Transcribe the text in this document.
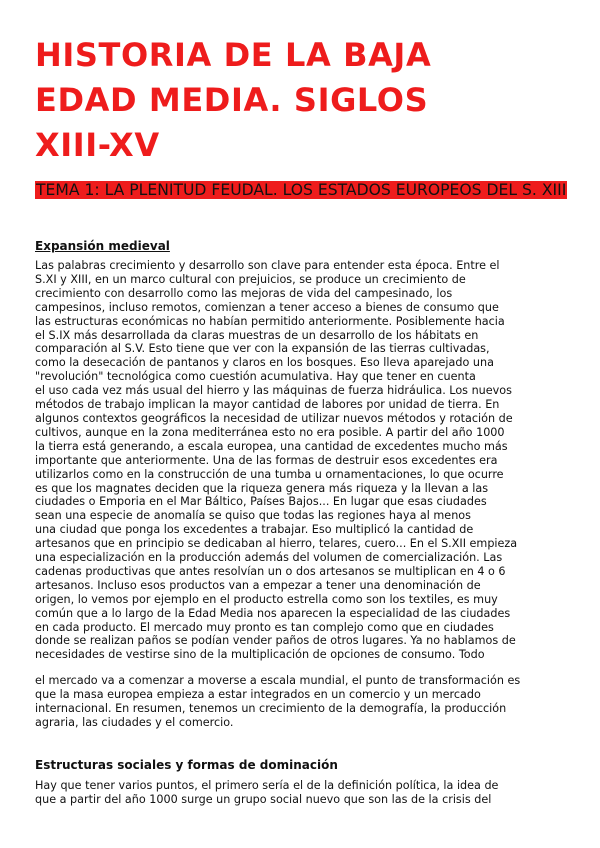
HISTORIA DE LA BAJA
EDAD MEDIA. SIGLOS
XIII-XV
TEMA 1: LA PLENITUD FEUDAL. LOS ESTADOS EUROPEOS DEL S. XIII
Expansión medieval
Las palabras crecimiento y desarrollo son clave para entender esta época. Entre el
S.XI y XIII, en un marco cultural con prejuicios, se produce un crecimiento de
crecimiento con desarrollo como las mejoras de vida del campesinado, los
campesinos, incluso remotos, comienzan a tener acceso a bienes de consumo que
las estructuras económicas no habían permitido anteriormente. Posiblemente hacia
el S.IX más desarrollada da claras muestras de un desarrollo de los hábitats en
comparación al S.V. Esto tiene que ver con la expansión de las tierras cultivadas,
como la desecación de pantanos y claros en los bosques. Eso lleva aparejado una
"revolución" tecnológica como cuestión acumulativa. Hay que tener en cuenta
el uso cada vez más usual del hierro y las máquinas de fuerza hidráulica. Los nuevos
métodos de trabajo implican la mayor cantidad de labores por unidad de tierra. En
algunos contextos geográficos la necesidad de utilizar nuevos métodos y rotación de
cultivos, aunque en la zona mediterránea esto no era posible. A partir del año 1000
la tierra está generando, a escala europea, una cantidad de excedentes mucho más
importante que anteriormente. Una de las formas de destruir esos excedentes era
utilizarlos como en la construcción de una tumba u ornamentaciones, lo que ocurre
es que los magnates deciden que la riqueza genera más riqueza y la llevan a las
ciudades o Emporia en el Mar Báltico, Países Bajos... En lugar que esas ciudades
sean una especie de anomalía se quiso que todas las regiones haya al menos
una ciudad que ponga los excedentes a trabajar. Eso multiplicó la cantidad de
artesanos que en principio se dedicaban al hierro, telares, cuero... En el S.XII empieza
una especialización en la producción además del volumen de comercialización. Las
cadenas productivas que antes resolvían un o dos artesanos se multiplican en 4 o 6
artesanos. Incluso esos productos van a empezar a tener una denominación de
origen, lo vemos por ejemplo en el producto estrella como son los textiles, es muy
común que a lo largo de la Edad Media nos aparecen la especialidad de las ciudades
en cada producto. El mercado muy pronto es tan complejo como que en ciudades
donde se realizan paños se podían vender paños de otros lugares. Ya no hablamos de
necesidades de vestirse sino de la multiplicación de opciones de consumo. Todo
el mercado va a comenzar a moverse a escala mundial, el punto de transformación es
que la masa europea empieza a estar integrados en un comercio y un mercado
internacional. En resumen, tenemos un crecimiento de la demografía, la producción
agraria, las ciudades y el comercio.
Estructuras sociales y formas de dominación
Hay que tener varios puntos, el primero sería el de la definición política, la idea de
que a partir del año 1000 surge un grupo social nuevo que son las de la crisis del
